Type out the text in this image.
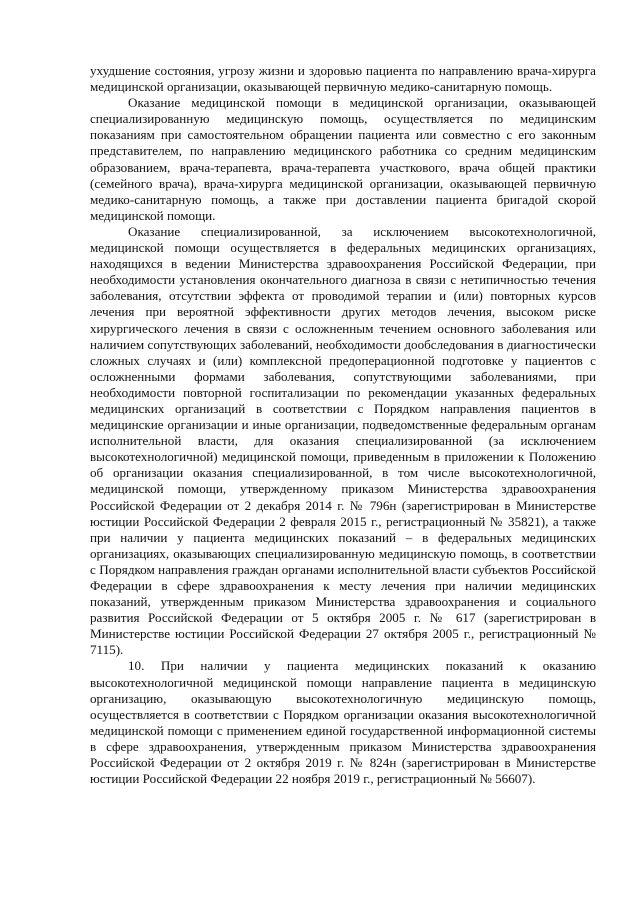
ухудшение состояния, угрозу жизни и здоровью пациента по направлению врача-хирурга медицинской организации, оказывающей первичную медико-санитарную помощь.

Оказание медицинской помощи в медицинской организации, оказывающей специализированную медицинскую помощь, осуществляется по медицинским показаниям при самостоятельном обращении пациента или совместно с его законным представителем, по направлению медицинского работника со средним медицинским образованием, врача-терапевта, врача-терапевта участкового, врача общей практики (семейного врача), врача-хирурга медицинской организации, оказывающей первичную медико-санитарную помощь, а также при доставлении пациента бригадой скорой медицинской помощи.

Оказание специализированной, за исключением высокотехнологичной, медицинской помощи осуществляется в федеральных медицинских организациях, находящихся в ведении Министерства здравоохранения Российской Федерации, при необходимости установления окончательного диагноза в связи с нетипичностью течения заболевания, отсутствии эффекта от проводимой терапии и (или) повторных курсов лечения при вероятной эффективности других методов лечения, высоком риске хирургического лечения в связи с осложненным течением основного заболевания или наличием сопутствующих заболеваний, необходимости дообследования в диагностически сложных случаях и (или) комплексной предоперационной подготовке у пациентов с осложненными формами заболевания, сопутствующими заболеваниями, при необходимости повторной госпитализации по рекомендации указанных федеральных медицинских организаций в соответствии с Порядком направления пациентов в медицинские организации и иные организации, подведомственные федеральным органам исполнительной власти, для оказания специализированной (за исключением высокотехнологичной) медицинской помощи, приведенным в приложении к Положению об организации оказания специализированной, в том числе высокотехнологичной, медицинской помощи, утвержденному приказом Министерства здравоохранения Российской Федерации от 2 декабря 2014 г. № 796н (зарегистрирован в Министерстве юстиции Российской Федерации 2 февраля 2015 г., регистрационный № 35821), а также при наличии у пациента медицинских показаний – в федеральных медицинских организациях, оказывающих специализированную медицинскую помощь, в соответствии с Порядком направления граждан органами исполнительной власти субъектов Российской Федерации в сфере здравоохранения к месту лечения при наличии медицинских показаний, утвержденным приказом Министерства здравоохранения и социального развития Российской Федерации от 5 октября 2005 г. № 617 (зарегистрирован в Министерстве юстиции Российской Федерации 27 октября 2005 г., регистрационный № 7115).

10. При наличии у пациента медицинских показаний к оказанию высокотехнологичной медицинской помощи направление пациента в медицинскую организацию, оказывающую высокотехнологичную медицинскую помощь, осуществляется в соответствии с Порядком организации оказания высокотехнологичной медицинской помощи с применением единой государственной информационной системы в сфере здравоохранения, утвержденным приказом Министерства здравоохранения Российской Федерации от 2 октября 2019 г. № 824н (зарегистрирован в Министерстве юстиции Российской Федерации 22 ноября 2019 г., регистрационный № 56607).
